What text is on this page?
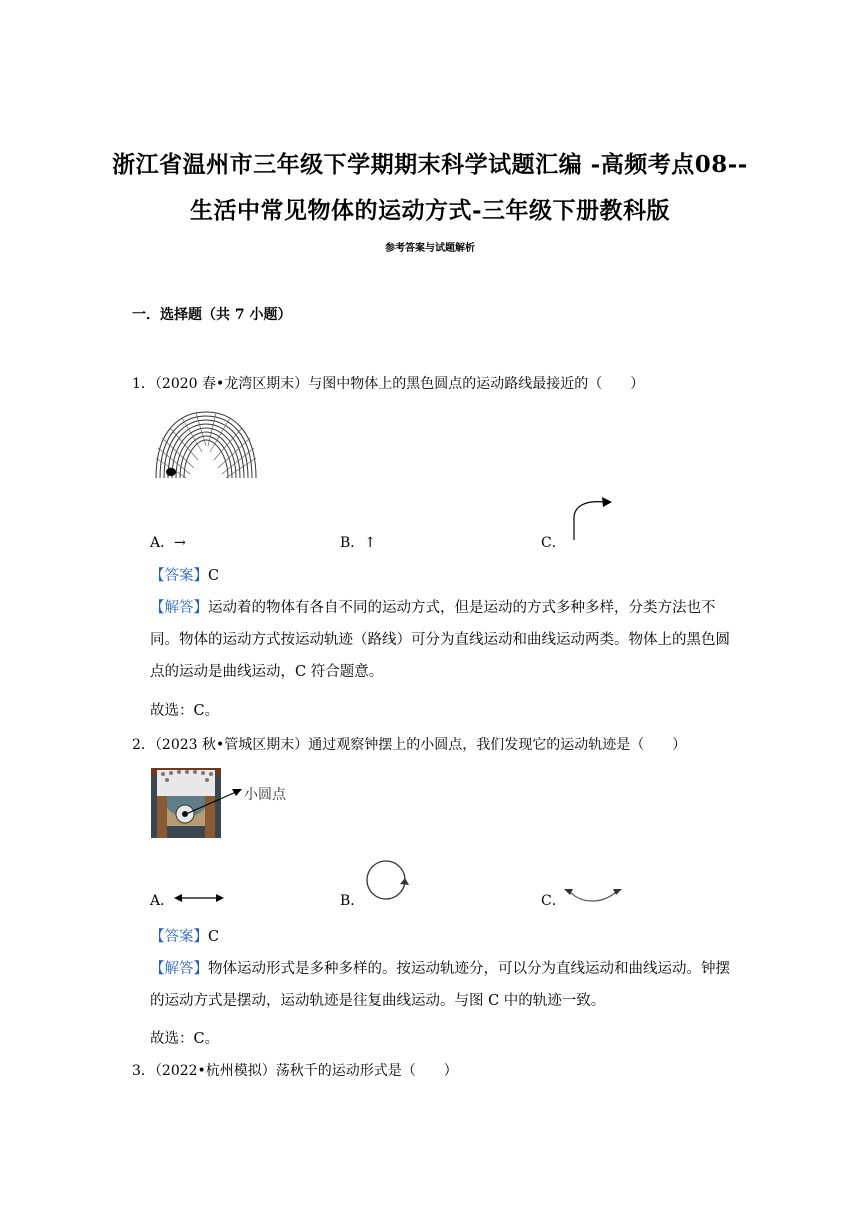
浙江省温州市三年级下学期期末科学试题汇编 -高频考点08--
生活中常见物体的运动方式-三年级下册教科版
参考答案与试题解析
一．选择题（共 7 小题）
1．（2020 春•龙湾区期末）与图中物体上的黑色圆点的运动路线最接近的（　　）
A．→	B．↑	C．
【答案】C
【解答】运动着的物体有各自不同的运动方式，但是运动的方式多种多样，分类方法也不同。物体的运动方式按运动轨迹（路线）可分为直线运动和曲线运动两类。物体上的黑色圆点的运动是曲线运动，C 符合题意。
故选：C。
2．（2023 秋•管城区期末）通过观察钟摆上的小圆点，我们发现它的运动轨迹是（　　）
小圆点
A．	B．	C．
【答案】C
【解答】物体运动形式是多种多样的。按运动轨迹分，可以分为直线运动和曲线运动。钟摆的运动方式是摆动，运动轨迹是往复曲线运动。与图 C 中的轨迹一致。
故选：C。
3．（2022•杭州模拟）荡秋千的运动形式是（　　）
